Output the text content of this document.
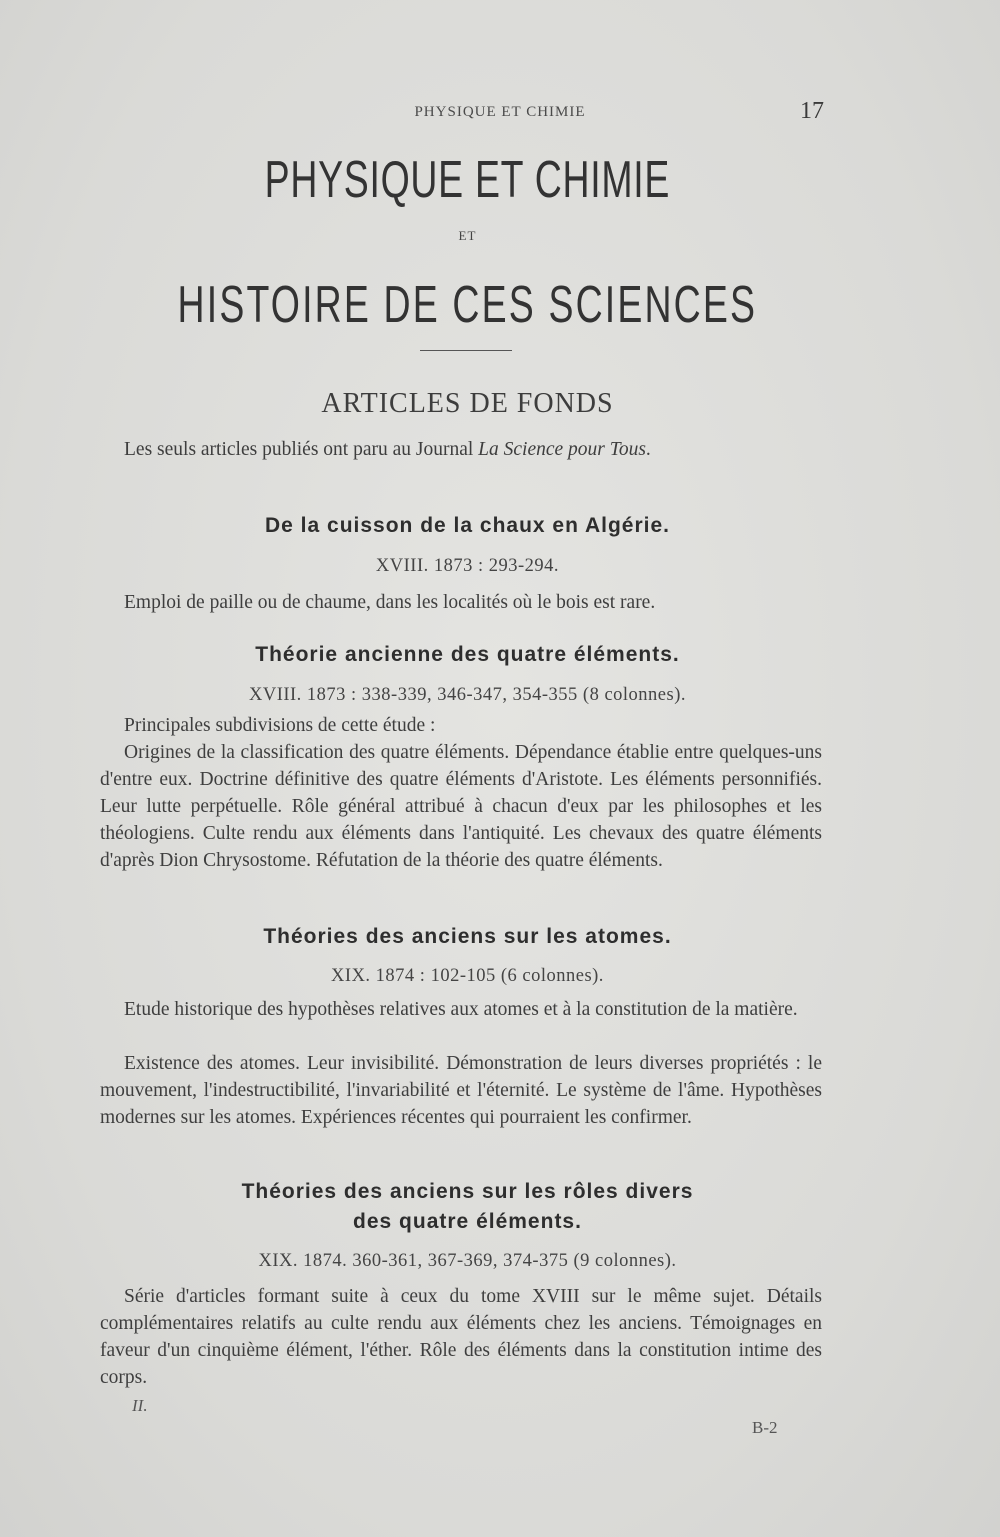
PHYSIQUE ET CHIMIE	17
PHYSIQUE ET CHIMIE
ET
HISTOIRE DE CES SCIENCES
ARTICLES DE FONDS

Les seuls articles publiés ont paru au Journal La Science pour Tous.

De la cuisson de la chaux en Algérie.
XVIII. 1873 : 293-294.

Emploi de paille ou de chaume, dans les localités où le bois est rare.

Théorie ancienne des quatre éléments.
XVIII. 1873 : 338-339, 346-347, 354-355 (8 colonnes).

Principales subdivisions de cette étude :

Origines de la classification des quatre éléments. Dépendance établie entre quelques-uns d'entre eux. Doctrine définitive des quatre éléments d'Aristote. Les éléments personnifiés. Leur lutte perpétuelle. Rôle général attribué à chacun d'eux par les philosophes et les théologiens. Culte rendu aux éléments dans l'antiquité. Les chevaux des quatre éléments d'après Dion Chrysostome. Réfutation de la théorie des quatre éléments.

Théories des anciens sur les atomes.
XIX. 1874 : 102-105 (6 colonnes).

Etude historique des hypothèses relatives aux atomes et à la constitution de la matière.

Existence des atomes. Leur invisibilité. Démonstration de leurs diverses propriétés : le mouvement, l'indestructibilité, l'invariabilité et l'éternité. Le système de l'âme. Hypothèses modernes sur les atomes. Expériences récentes qui pourraient les confirmer.

Théories des anciens sur les rôles divers
des quatre éléments.
XIX. 1874. 360-361, 367-369, 374-375 (9 colonnes).

Série d'articles formant suite à ceux du tome XVIII sur le même sujet. Détails complémentaires relatifs au culte rendu aux éléments chez les anciens. Témoignages en faveur d'un cinquième élément, l'éther. Rôle des éléments dans la constitution intime des corps.

II.
B-2
